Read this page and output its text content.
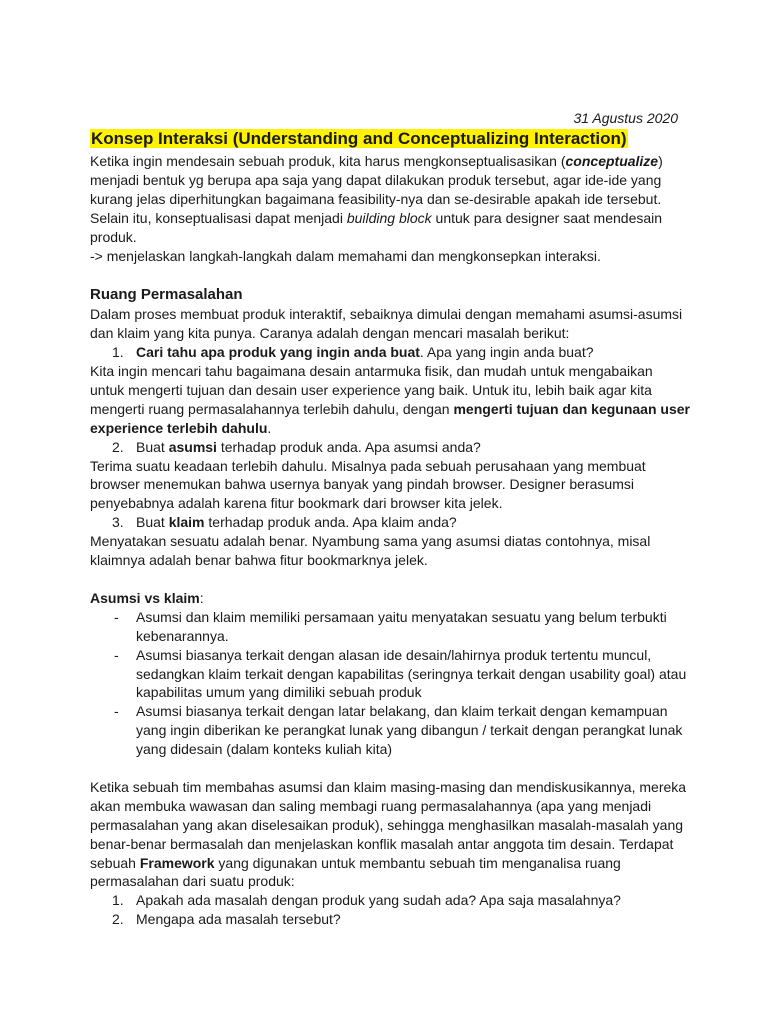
31 Agustus 2020

Konsep Interaksi (Understanding and Conceptualizing Interaction)

Ketika ingin mendesain sebuah produk, kita harus mengkonseptualisasikan (conceptualize) menjadi bentuk yg berupa apa saja yang dapat dilakukan produk tersebut, agar ide-ide yang kurang jelas diperhitungkan bagaimana feasibility-nya dan se-desirable apakah ide tersebut. Selain itu, konseptualisasi dapat menjadi building block untuk para designer saat mendesain produk.

-> menjelaskan langkah-langkah dalam memahami dan mengkonsepkan interaksi.

Ruang Permasalahan

Dalam proses membuat produk interaktif, sebaiknya dimulai dengan memahami asumsi-asumsi dan klaim yang kita punya. Caranya adalah dengan mencari masalah berikut:

1. Cari tahu apa produk yang ingin anda buat. Apa yang ingin anda buat?

Kita ingin mencari tahu bagaimana desain antarmuka fisik, dan mudah untuk mengabaikan untuk mengerti tujuan dan desain user experience yang baik. Untuk itu, lebih baik agar kita mengerti ruang permasalahannya terlebih dahulu, dengan mengerti tujuan dan kegunaan user experience terlebih dahulu.

2. Buat asumsi terhadap produk anda. Apa asumsi anda?

Terima suatu keadaan terlebih dahulu. Misalnya pada sebuah perusahaan yang membuat browser menemukan bahwa usernya banyak yang pindah browser. Designer berasumsi penyebabnya adalah karena fitur bookmark dari browser kita jelek.

3. Buat klaim terhadap produk anda. Apa klaim anda?

Menyatakan sesuatu adalah benar. Nyambung sama yang asumsi diatas contohnya, misal klaimnya adalah benar bahwa fitur bookmarknya jelek.

Asumsi vs klaim:

- Asumsi dan klaim memiliki persamaan yaitu menyatakan sesuatu yang belum terbukti kebenarannya.
- Asumsi biasanya terkait dengan alasan ide desain/lahirnya produk tertentu muncul, sedangkan klaim terkait dengan kapabilitas (seringnya terkait dengan usability goal) atau kapabilitas umum yang dimiliki sebuah produk
- Asumsi biasanya terkait dengan latar belakang, dan klaim terkait dengan kemampuan yang ingin diberikan ke perangkat lunak yang dibangun / terkait dengan perangkat lunak yang didesain (dalam konteks kuliah kita)

Ketika sebuah tim membahas asumsi dan klaim masing-masing dan mendiskusikannya, mereka akan membuka wawasan dan saling membagi ruang permasalahannya (apa yang menjadi permasalahan yang akan diselesaikan produk), sehingga menghasilkan masalah-masalah yang benar-benar bermasalah dan menjelaskan konflik masalah antar anggota tim desain. Terdapat sebuah Framework yang digunakan untuk membantu sebuah tim menganalisa ruang permasalahan dari suatu produk:

1. Apakah ada masalah dengan produk yang sudah ada? Apa saja masalahnya?
2. Mengapa ada masalah tersebut?
